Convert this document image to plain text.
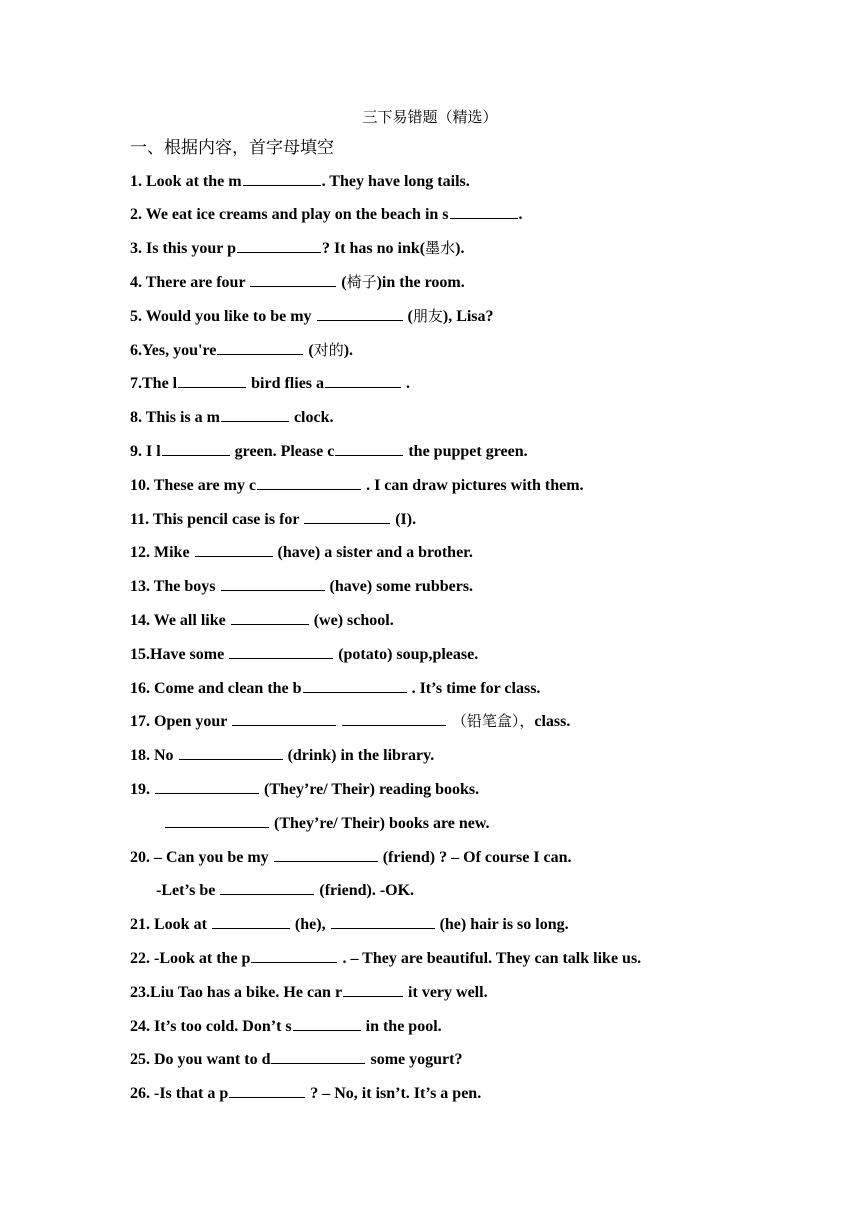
三下易错题（精选）
一、根据内容，首字母填空
1. Look at the m	. They have long tails.
2. We eat ice creams and play on the beach in s	.
3. Is this your p	? It has no ink(墨水).
4. There are four	(椅子)in the room.
5. Would you like to be my	(朋友), Lisa?
6.Yes, you're	(对的).
7.The l	bird flies a	.
8. This is a m	clock.
9. I l	green. Please c	the puppet green.
10. These are my c	. I can draw pictures with them.
11. This pencil case is for	(I).
12. Mike	(have) a sister and a brother.
13. The boys	(have) some rubbers.
14. We all like	(we) school.
15.Have some	(potato) soup,please.
16. Come and clean the b	. It’s time for class.
17. Open your	（铅笔盒），class.
18. No	(drink) in the library.
19.	(They’re/ Their) reading books.
(They’re/ Their) books are new.
20. – Can you be my	(friend) ? – Of course I can.
-Let’s be	(friend). -OK.
21. Look at	(he),	(he) hair is so long.
22. -Look at the p	. – They are beautiful. They can talk like us.
23.Liu Tao has a bike. He can r	it very well.
24. It’s too cold. Don’t s	in the pool.
25. Do you want to d	some yogurt?
26. -Is that a p	? – No, it isn’t. It’s a pen.
